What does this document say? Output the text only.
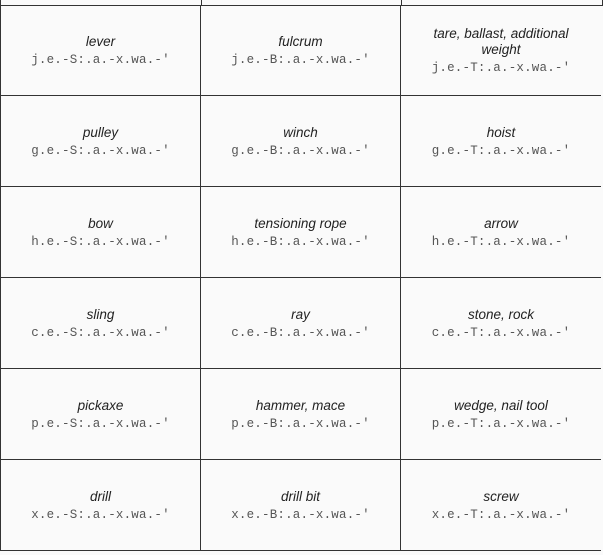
lever
j.e.-S:.a.-x.wa.-'
fulcrum
j.e.-B:.a.-x.wa.-'
tare, ballast, additional weight
j.e.-T:.a.-x.wa.-'
pulley
g.e.-S:.a.-x.wa.-'
winch
g.e.-B:.a.-x.wa.-'
hoist
g.e.-T:.a.-x.wa.-'
bow
h.e.-S:.a.-x.wa.-'
tensioning rope
h.e.-B:.a.-x.wa.-'
arrow
h.e.-T:.a.-x.wa.-'
sling
c.e.-S:.a.-x.wa.-'
ray
c.e.-B:.a.-x.wa.-'
stone, rock
c.e.-T:.a.-x.wa.-'
pickaxe
p.e.-S:.a.-x.wa.-'
hammer, mace
p.e.-B:.a.-x.wa.-'
wedge, nail tool
p.e.-T:.a.-x.wa.-'
drill
x.e.-S:.a.-x.wa.-'
drill bit
x.e.-B:.a.-x.wa.-'
screw
x.e.-T:.a.-x.wa.-'
